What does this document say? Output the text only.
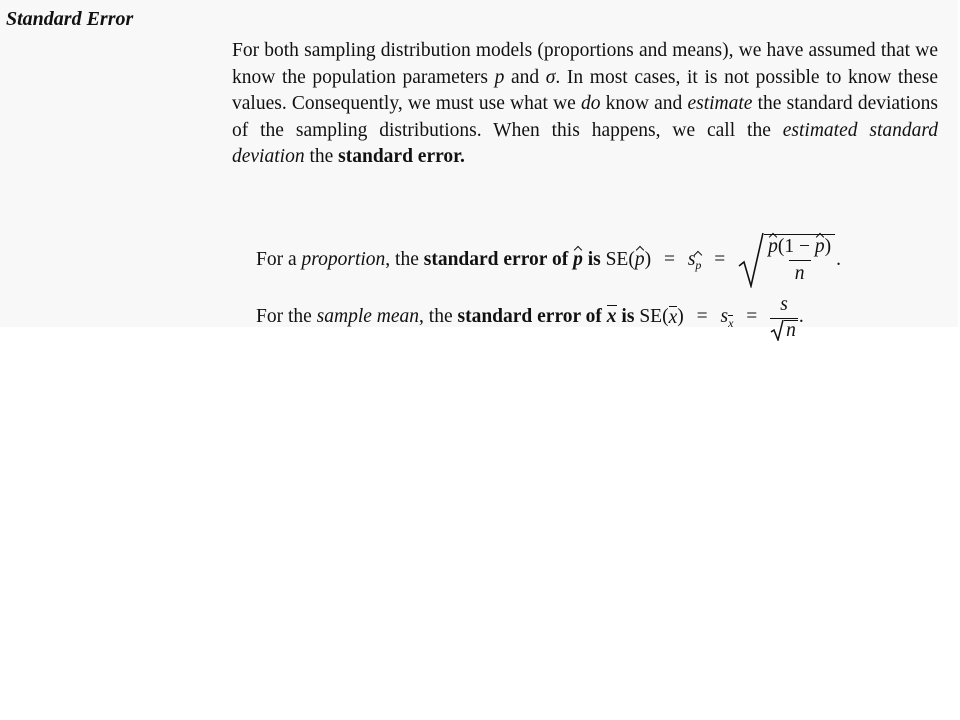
Standard Error

For both sampling distribution models (proportions and means), we have assumed that we know the population parameters p and σ. In most cases, it is not possible to know these values. Consequently, we must use what we do know and estimate the standard deviations of the sampling distributions. When this happens, we call the estimated standard deviation the standard error.

For a proportion, the standard error of p is SE(p) = sp = $\frac{p(1 - p)}{n}$ .
For the sample mean, the standard error of x is SE(x) = sx = $\frac{s}{n}$ .
